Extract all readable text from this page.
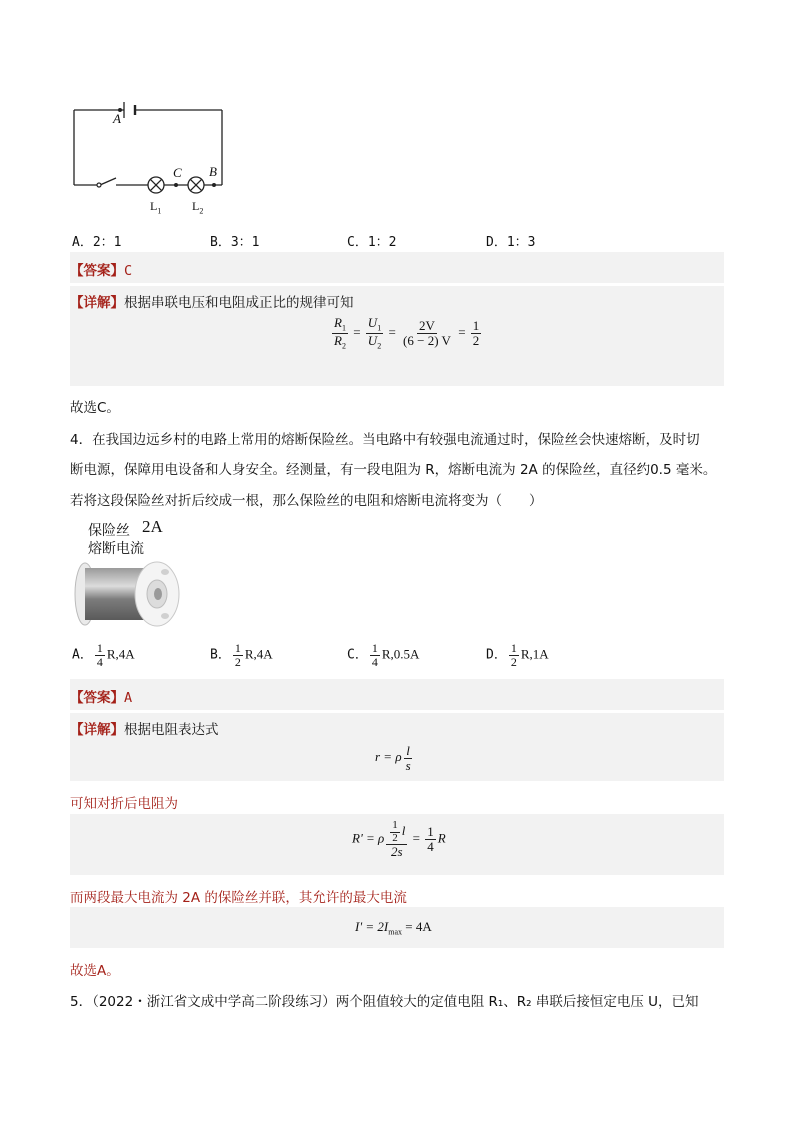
A
C B
$L_1$	$L_2$
A．2：1	B．3：1	C．1：2	D．1：3
【答案】C
【详解】根据串联电压和电阻成正比的规律可知
$\frac{R_1}{R_2} = \frac{U_1}{U_2} = \frac{2V}{(6 - 2) V} = \frac{1}{2}$
故选C。
4．在我国边远乡村的电路上常用的熔断保险丝。当电路中有较强电流通过时，保险丝会快速熔断，及时切
断电源，保障用电设备和人身安全。经测量，有一段电阻为 R，熔断电流为 2A 的保险丝，直径约0.5 毫米。
若将这段保险丝对折后绞成一根，那么保险丝的电阻和熔断电流将变为（　　）
保险丝 2A
熔断电流
A． $\frac{1}{4} R,4A$	B． $\frac{1}{2} R,4A$	C． $\frac{1}{4} R,0.5A$	D． $\frac{1}{2} R,1A$
【答案】A
【详解】根据电阻表达式
r = ρ $\frac{l}{s}$
可知对折后电阻为
R' = ρ $\frac{\frac{1}{2} l}{2s} = \frac{1}{4}$ R
而两段最大电流为 2A 的保险丝并联，其允许的最大电流
$I' = 2I_{max} = 4A$
故选A。
5．（2022・浙江省文成中学高二阶段练习）两个阻值较大的定值电阻 R₁、R₂ 串联后接恒定电压 U，已知
